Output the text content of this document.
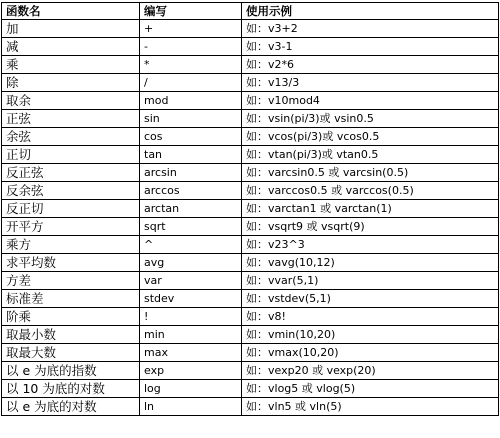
函数名	编写	使用示例
加	+	如：v3+2
减	-	如：v3-1
乘	*	如：v2*6
除	/	如：v13/3
取余	mod	如：v10mod4
正弦	sin	如：vsin(pi/3)或 vsin0.5
余弦	cos	如：vcos(pi/3)或 vcos0.5
正切	tan	如：vtan(pi/3)或 vtan0.5
反正弦	arcsin	如：varcsin0.5 或 varcsin(0.5)
反余弦	arccos	如：varccos0.5 或 varccos(0.5)
反正切	arctan	如：varctan1 或 varctan(1)
开平方	sqrt	如：vsqrt9 或 vsqrt(9)
乘方	^	如：v23^3
求平均数	avg	如：vavg(10,12)
方差	var	如：vvar(5,1)
标准差	stdev	如：vstdev(5,1)
阶乘	!	如：v8!
取最小数	min	如：vmin(10,20)
取最大数	max	如：vmax(10,20)
以 e 为底的指数	exp	如：vexp20 或 vexp(20)
以 10 为底的对数	log	如：vlog5 或 vlog(5)
以 e 为底的对数	ln	如：vln5 或 vln(5)
